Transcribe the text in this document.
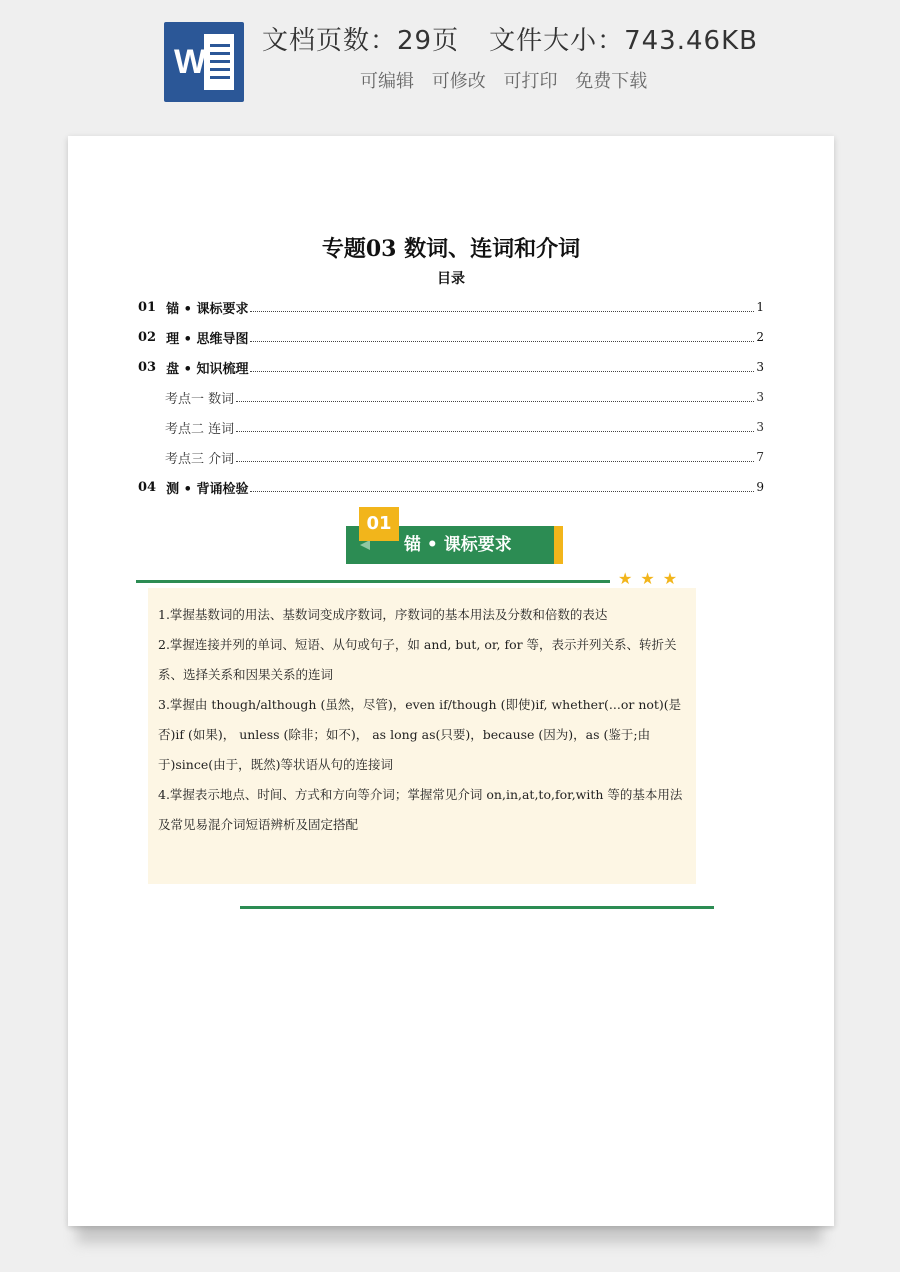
W
文档页数：29页 文件大小：743.46KB
可编辑 可修改 可打印 免费下载
专题03 数词、连词和介词
目录
01 锚 • 课标要求	1
02 理 • 思维导图	2
03 盘 • 知识梳理	3
考点一 数词	3
考点二 连词	3
考点三 介词	7
04 测 • 背诵检验	9
01
锚 • 课标要求
★★★

1.掌握基数词的用法、基数词变成序数词，序数词的基本用法及分数和倍数的表达

2.掌握连接并列的单词、短语、从句或句子，如 and, but, or, for 等，表示并列关系、转折关系、选择关系和因果关系的连词

3.掌握由 though/although (虽然，尽管)，even if/though (即使)if, whether(...or not)(是否)if (如果)， unless (除非；如不)， as long as(只要)，because (因为)，as (鉴于;由于)since(由于，既然)等状语从句的连接词

4.掌握表示地点、时间、方式和方向等介词；掌握常见介词 on,in,at,to,for,with 等的基本用法及常见易混介词短语辨析及固定搭配
